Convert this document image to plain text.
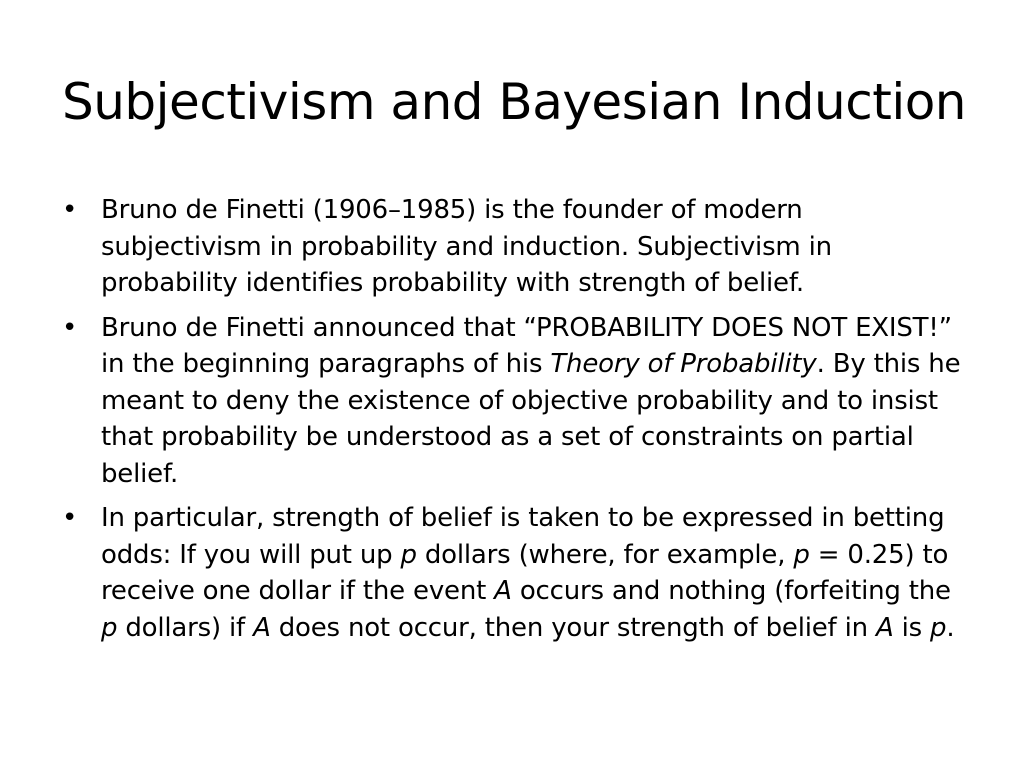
Subjectivism and Bayesian Induction
• Bruno de Finetti (1906–1985) is the founder of modern subjectivism in probability and induction. Subjectivism in probability identifies probability with strength of belief.
• Bruno de Finetti announced that “PROBABILITY DOES NOT EXIST!” in the beginning paragraphs of his Theory of Probability. By this he meant to deny the existence of objective probability and to insist that probability be understood as a set of constraints on partial belief.
• In particular, strength of belief is taken to be expressed in betting odds: If you will put up p dollars (where, for example, p = 0.25) to receive one dollar if the event A occurs and nothing (forfeiting the p dollars) if A does not occur, then your strength of belief in A is p.
